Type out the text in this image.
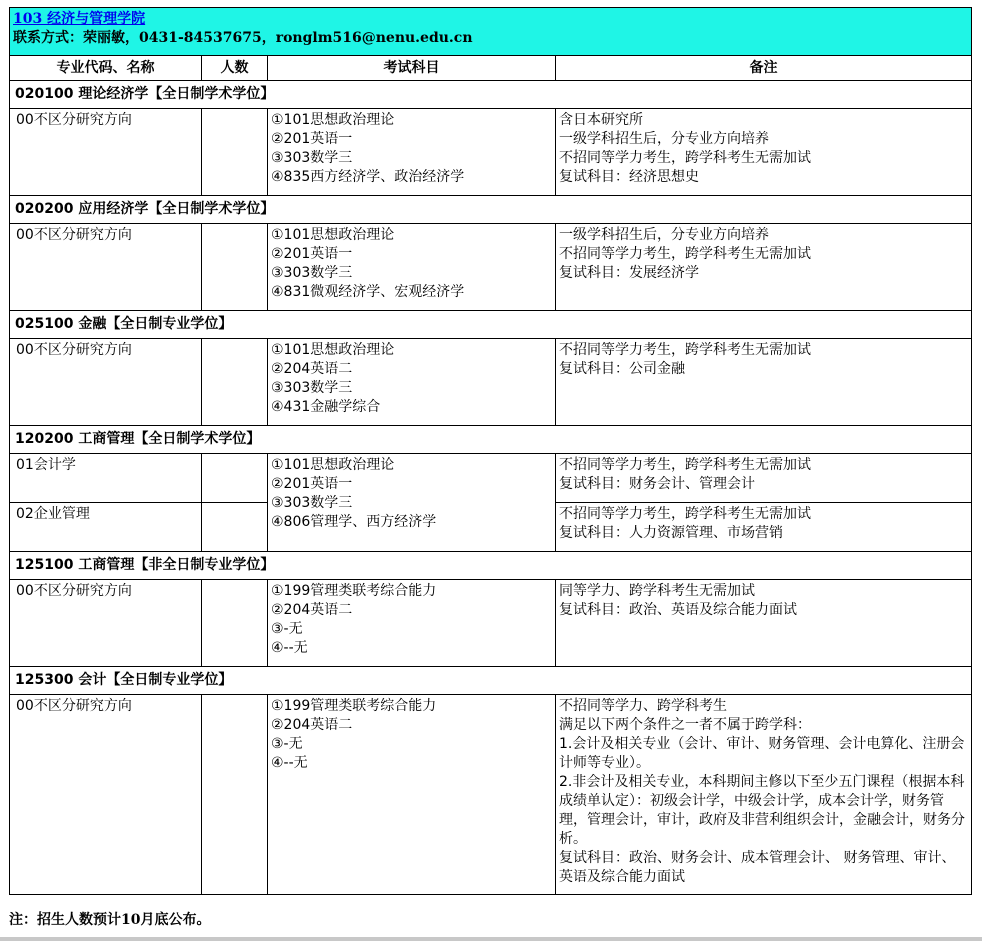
103 经济与管理学院
联系方式：荣丽敏，0431-84537675，ronglm516@nenu.edu.cn			
专业代码、名称	人数	考试科目	备注
020100 理论经济学【全日制学术学位】			
00不区分研究方向		①101思想政治理论
②201英语一
③303数学三
④835西方经济学、政治经济学	含日本研究所
一级学科招生后，分专业方向培养
不招同等学力考生，跨学科考生无需加试
复试科目：经济思想史

020200 应用经济学【全日制学术学位】			
00不区分研究方向		①101思想政治理论
②201英语一
③303数学三
④831微观经济学、宏观经济学	一级学科招生后，分专业方向培养
不招同等学力考生，跨学科考生无需加试
复试科目：发展经济学

025100 金融【全日制专业学位】			
00不区分研究方向		①101思想政治理论
②204英语二
③303数学三
④431金融学综合	不招同等学力考生，跨学科考生无需加试
复试科目：公司金融

120200 工商管理【全日制学术学位】			
01会计学		①101思想政治理论
②201英语一
③303数学三
④806管理学、西方经济学	不招同等学力考生，跨学科考生无需加试
复试科目：财务会计、管理会计

02企业管理			不招同等学力考生，跨学科考生无需加试
复试科目：人力资源管理、市场营销

125100 工商管理【非全日制专业学位】			
00不区分研究方向		①199管理类联考综合能力
②204英语二
③-无
④--无	同等学力、跨学科考生无需加试
复试科目：政治、英语及综合能力面试

125300 会计【全日制专业学位】			
00不区分研究方向		①199管理类联考综合能力
②204英语二
③-无
④--无	不招同等学力、跨学科考生
满足以下两个条件之一者不属于跨学科：
1.会计及相关专业（会计、审计、财务管理、会计电算化、注册会计师等专业）。
2.非会计及相关专业，本科期间主修以下至少五门课程（根据本科成绩单认定）：初级会计学，中级会计学，成本会计学，财务管理，管理会计，审计，政府及非营利组织会计，金融会计，财务分析。
复试科目：政治、财务会计、成本管理会计、 财务管理、审计、英语及综合能力面试
注：招生人数预计10月底公布。
